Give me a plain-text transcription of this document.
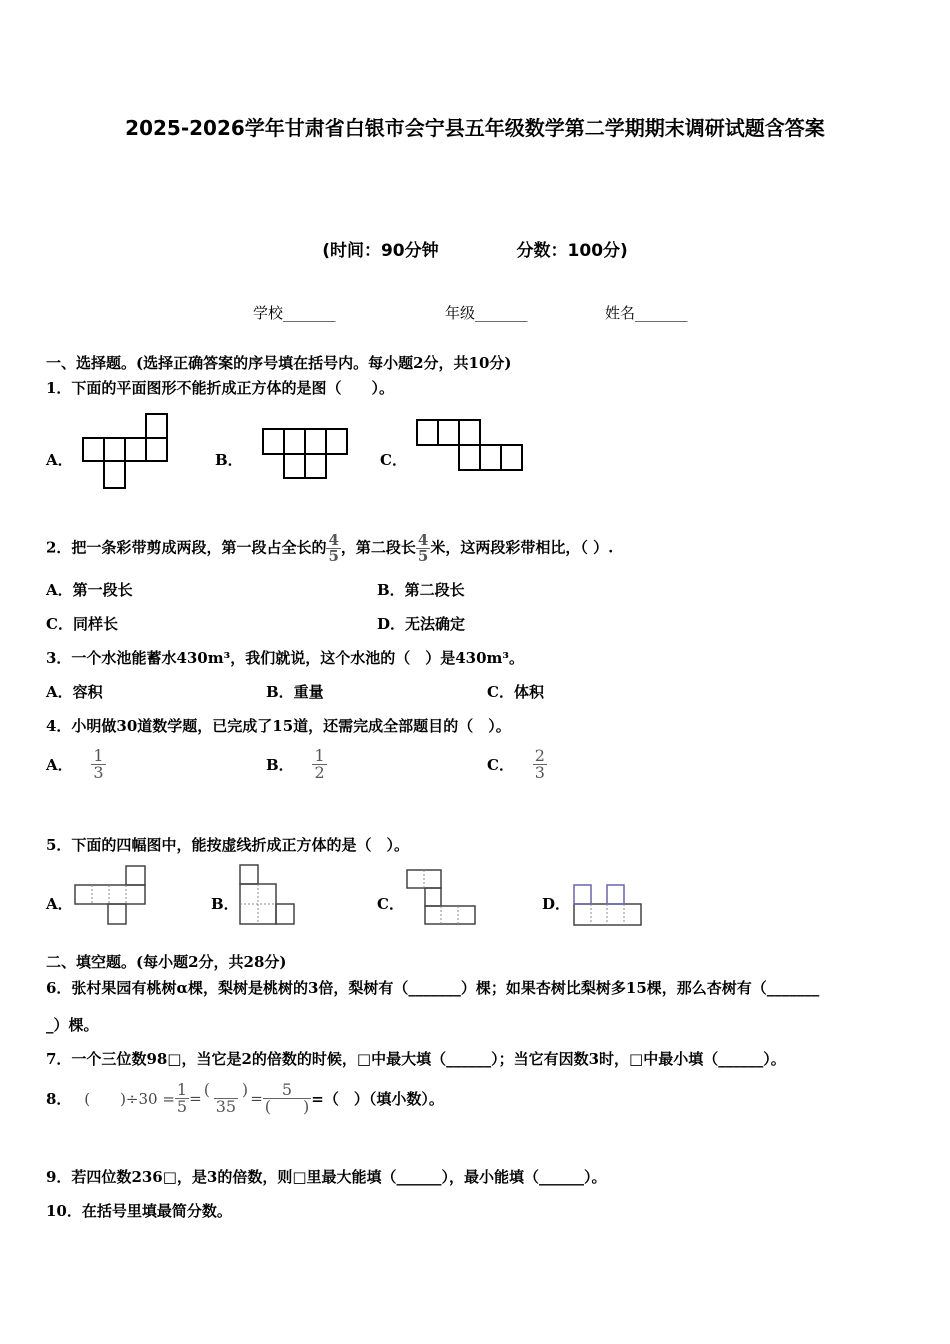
2025-2026学年甘肃省白银市会宁县五年级数学第二学期期末调研试题含答案
(时间：90分钟	分数：100分)
学校_______	年级_______	姓名_______
一、选择题。(选择正确答案的序号填在括号内。每小题2分，共10分)
1．下面的平面图形不能折成正方体的是图（　　）。
A．	B．	C．
2．把一条彩带剪成两段，第一段占全长的 $\frac{4}{5}$ ，第二段长 $\frac{4}{5}$ 米，这两段彩带相比，（ ）.
A．第一段长	B．第二段长
C．同样长	D．无法确定
3．一个水池能蓄水430m³，我们就说，这个水池的（　）是430m³。
A．容积	B．重量	C．体积
4．小明做30道数学题，已完成了15道，还需完成全部题目的（　）。
A． $\frac{1}{3}$	B． $\frac{1}{2}$	C． $\frac{2}{3}$
5．下面的四幅图中，能按虚线折成正方体的是（　）。
A．	B．	C．	D．
二、填空题。(每小题2分，共28分)
6．张村果园有桃树α棵，梨树是桃树的3倍，梨树有（_______）棵；如果杏树比梨树多15棵，那么杏树有（_______
_）棵。
7．一个三位数98□，当它是2的倍数的时候，□中最大填（______）；当它有因数3时，□中最小填（______）。
8． (　　)$\div 30 = \frac{1}{5} = \frac{( )}{35} = \frac{5}{( )}$ =（　）（填小数）。
9．若四位数236□，是3的倍数，则□里最大能填（______），最小能填（______）。
10．在括号里填最简分数。
